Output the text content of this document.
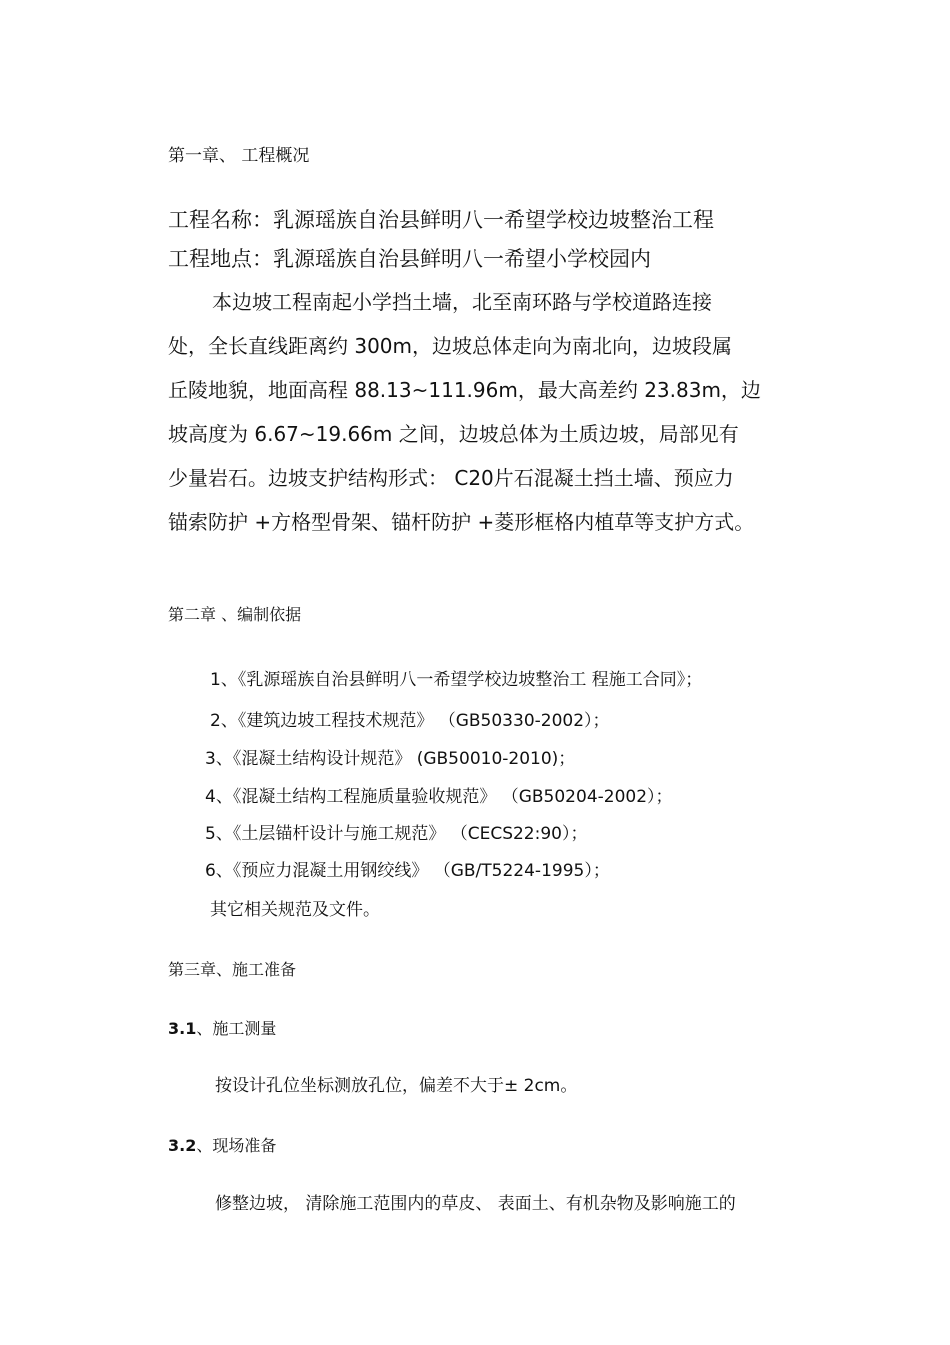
第一章、 工程概况
工程名称：乳源瑶族自治县鲜明八一希望学校边坡整治工程
工程地点：乳源瑶族自治县鲜明八一希望小学校园内
本边坡工程南起小学挡土墙，北至南环路与学校道路连接
处，全长直线距离约 300m，边坡总体走向为南北向，边坡段属
丘陵地貌，地面高程 88.13~111.96m，最大高差约 23.83m，边
坡高度为 6.67~19.66m 之间，边坡总体为土质边坡，局部见有
少量岩石。边坡支护结构形式： C20片石混凝土挡土墙、预应力
锚索防护 +方格型骨架、锚杆防护 +菱形框格内植草等支护方式。
第二章 、编制依据
1、《乳源瑶族自治县鲜明八一希望学校边坡整治工 程施工合同》；
2、《建筑边坡工程技术规范》 （GB50330-2002）；
3、《混凝土结构设计规范》 (GB50010-2010)；
4、《混凝土结构工程施质量验收规范》 （GB50204-2002）；
5、《土层锚杆设计与施工规范》 （CECS22:90）；
6、《预应力混凝土用钢绞线》 （GB/T5224-1995）；
其它相关规范及文件。
第三章、施工准备
3.1、施工测量
按设计孔位坐标测放孔位，偏差不大于± 2cm。
3.2、现场准备
修整边坡， 清除施工范围内的草皮、 表面土、有机杂物及影响施工的
